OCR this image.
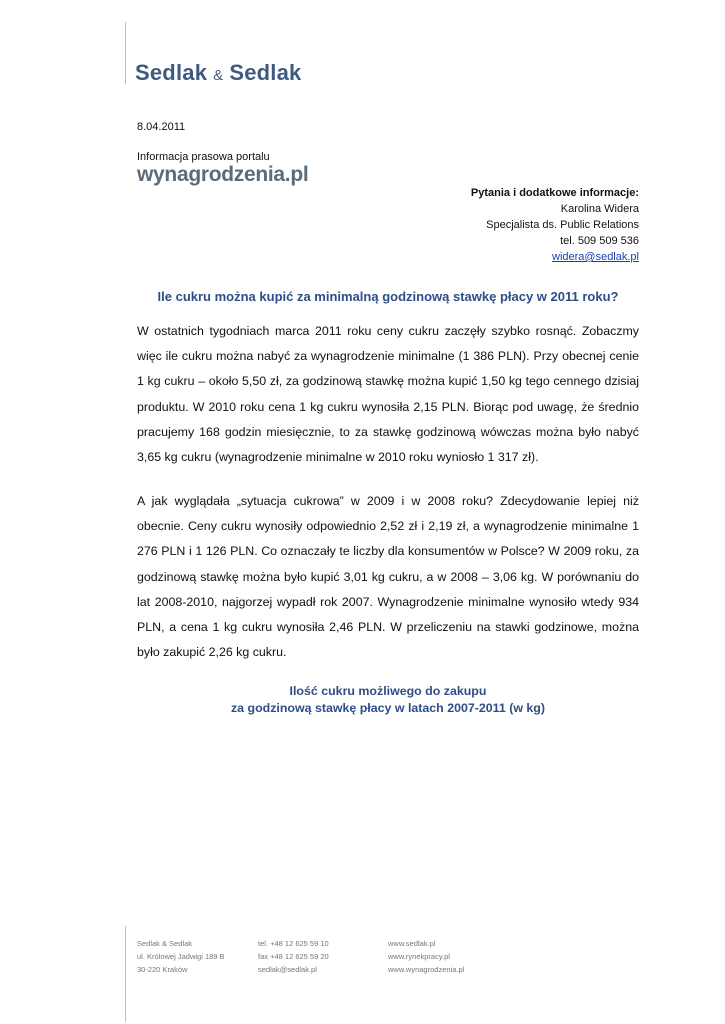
Sedlak & Sedlak
8.04.2011
Informacja prasowa portalu
wynagrodzenia.pl
Pytania i dodatkowe informacje:
Karolina Widera
Specjalista ds. Public Relations
tel. 509 509 536
widera@sedlak.pl
Ile cukru można kupić za minimalną godzinową stawkę płacy w 2011 roku?

W ostatnich tygodniach marca 2011 roku ceny cukru zaczęły szybko rosnąć. Zobaczmy więc ile cukru można nabyć za wynagrodzenie minimalne (1 386 PLN). Przy obecnej cenie 1 kg cukru – około 5,50 zł, za godzinową stawkę można kupić 1,50 kg tego cennego dzisiaj produktu. W 2010 roku cena 1 kg cukru wynosiła 2,15 PLN. Biorąc pod uwagę, że średnio pracujemy 168 godzin miesięcznie, to za stawkę godzinową wówczas można było nabyć 3,65 kg cukru (wynagrodzenie minimalne w 2010 roku wyniosło 1 317 zł).

A jak wyglądała „sytuacja cukrowa” w 2009 i w 2008 roku? Zdecydowanie lepiej niż obecnie. Ceny cukru wynosiły odpowiednio 2,52 zł i 2,19 zł, a wynagrodzenie minimalne 1 276 PLN i 1 126 PLN. Co oznaczały te liczby dla konsumentów w Polsce? W 2009 roku, za godzinową stawkę można było kupić 3,01 kg cukru, a w 2008 – 3,06 kg. W porównaniu do lat 2008-2010, najgorzej wypadł rok 2007. Wynagrodzenie minimalne wynosiło wtedy 934 PLN, a cena 1 kg cukru wynosiła 2,46 PLN. W przeliczeniu na stawki godzinowe, można było zakupić 2,26 kg cukru.

Ilość cukru możliwego do zakupu
za godzinową stawkę płacy w latach 2007-2011 (w kg)
Sedlak & Sedlak
ul. Królowej Jadwigi 189 B
30-220 Kraków
tel. +48 12 625 59 10
fax +48 12 625 59 20
sedlak@sedlak.pl
www.sedlak.pl
www.rynekpracy.pl
www.wynagrodzenia.pl
